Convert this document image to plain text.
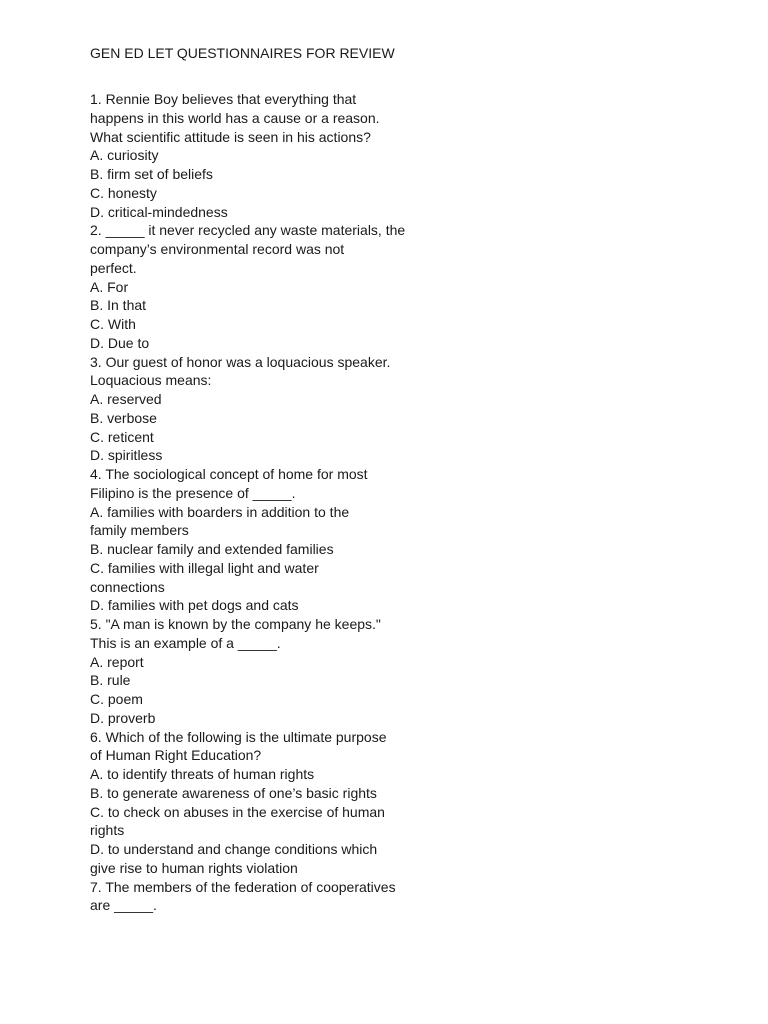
GEN ED LET QUESTIONNAIRES FOR REVIEW
1. Rennie Boy believes that everything that
happens in this world has a cause or a reason.
What scientific attitude is seen in his actions?
A. curiosity
B. firm set of beliefs
C. honesty
D. critical-mindedness
2. _____ it never recycled any waste materials, the
company’s environmental record was not
perfect.
A. For
B. In that
C. With
D. Due to
3. Our guest of honor was a loquacious speaker.
Loquacious means:
A. reserved
B. verbose
C. reticent
D. spiritless
4. The sociological concept of home for most
Filipino is the presence of _____.
A. families with boarders in addition to the
family members
B. nuclear family and extended families
C. families with illegal light and water
connections
D. families with pet dogs and cats
5. "A man is known by the company he keeps."
This is an example of a _____.
A. report
B. rule
C. poem
D. proverb
6. Which of the following is the ultimate purpose
of Human Right Education?
A. to identify threats of human rights
B. to generate awareness of one’s basic rights
C. to check on abuses in the exercise of human
rights
D. to understand and change conditions which
give rise to human rights violation
7. The members of the federation of cooperatives
are _____.
